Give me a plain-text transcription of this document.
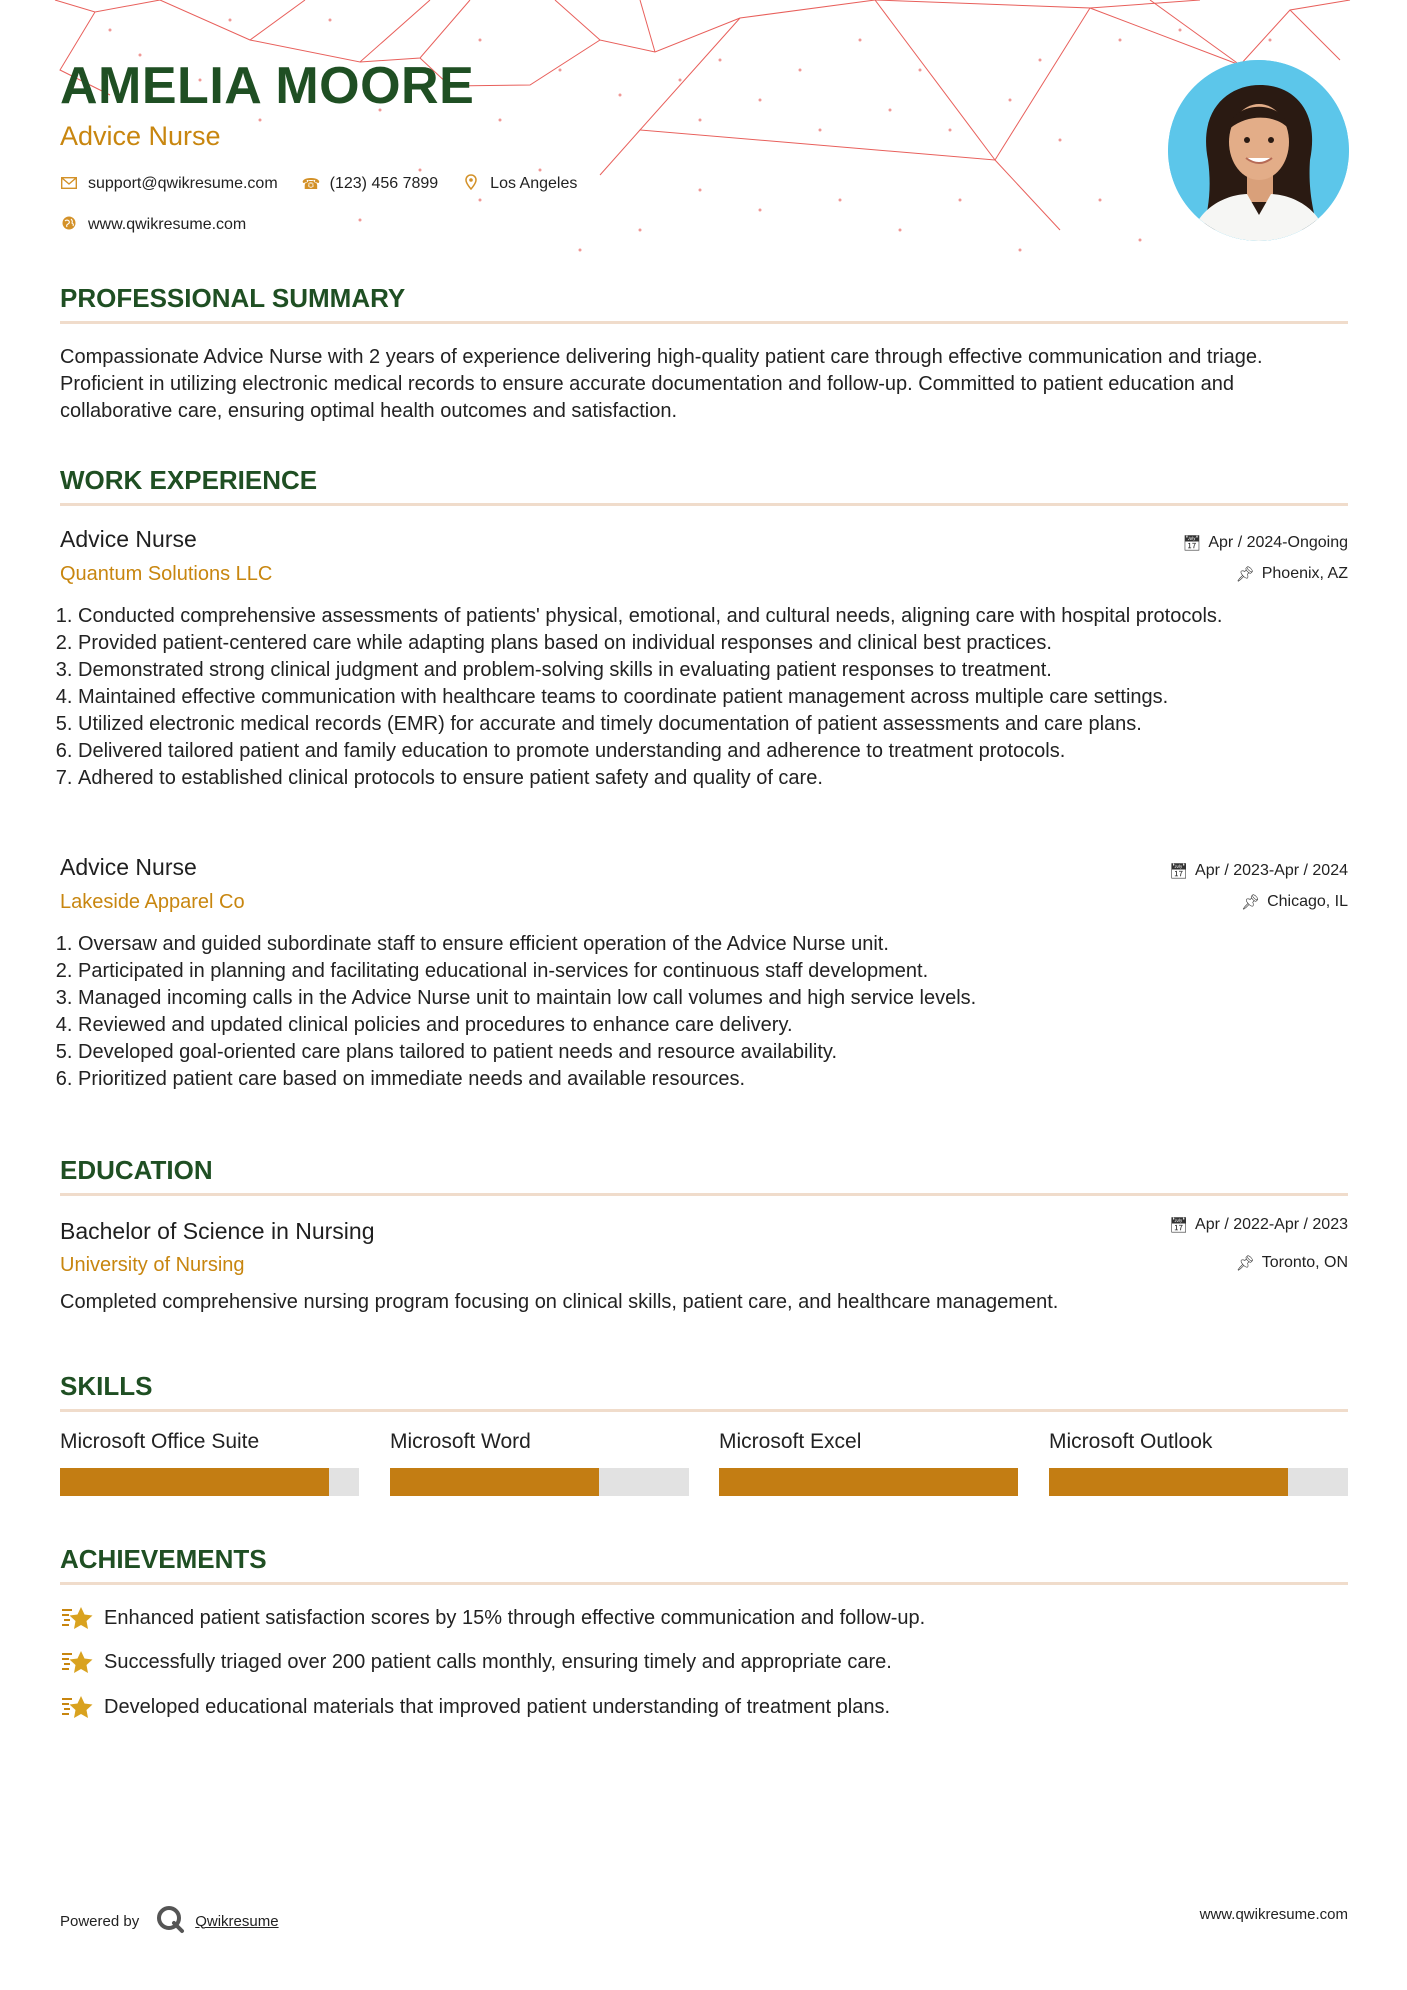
AMELIA MOORE
Advice Nurse
support@qwikresume.com ☎ (123) 456 7899	Los Angeles
www.qwikresume.com
PROFESSIONAL SUMMARY

Compassionate Advice Nurse with 2 years of experience delivering high-quality patient care through effective communication and triage. Proficient in utilizing electronic medical records to ensure accurate documentation and follow-up. Committed to patient education and collaborative care, ensuring optimal health outcomes and satisfaction.

WORK EXPERIENCE
Advice Nurse
Quantum Solutions LLC
📅︎ Apr / 2024-Ongoing
📌︎ Phoenix, AZ
1. Conducted comprehensive assessments of patients' physical, emotional, and cultural needs, aligning care with hospital protocols.
2. Provided patient-centered care while adapting plans based on individual responses and clinical best practices.
3. Demonstrated strong clinical judgment and problem-solving skills in evaluating patient responses to treatment.
4. Maintained effective communication with healthcare teams to coordinate patient management across multiple care settings.
5. Utilized electronic medical records (EMR) for accurate and timely documentation of patient assessments and care plans.
6. Delivered tailored patient and family education to promote understanding and adherence to treatment protocols.
7. Adhered to established clinical protocols to ensure patient safety and quality of care.
Advice Nurse
Lakeside Apparel Co
📅︎ Apr / 2023-Apr / 2024
📌︎ Chicago, IL
1. Oversaw and guided subordinate staff to ensure efficient operation of the Advice Nurse unit.
2. Participated in planning and facilitating educational in-services for continuous staff development.
3. Managed incoming calls in the Advice Nurse unit to maintain low call volumes and high service levels.
4. Reviewed and updated clinical policies and procedures to enhance care delivery.
5. Developed goal-oriented care plans tailored to patient needs and resource availability.
6. Prioritized patient care based on immediate needs and available resources.
EDUCATION
Bachelor of Science in Nursing
University of Nursing
📅︎ Apr / 2022-Apr / 2023
📌︎ Toronto, ON

Completed comprehensive nursing program focusing on clinical skills, patient care, and healthcare management.

SKILLS
Microsoft Office Suite	Microsoft Word	Microsoft Excel	Microsoft Outlook
ACHIEVEMENTS
Enhanced patient satisfaction scores by 15% through effective communication and follow-up.
Successfully triaged over 200 patient calls monthly, ensuring timely and appropriate care.
Developed educational materials that improved patient understanding of treatment plans.
Powered by	Qwikresume	www.qwikresume.com
